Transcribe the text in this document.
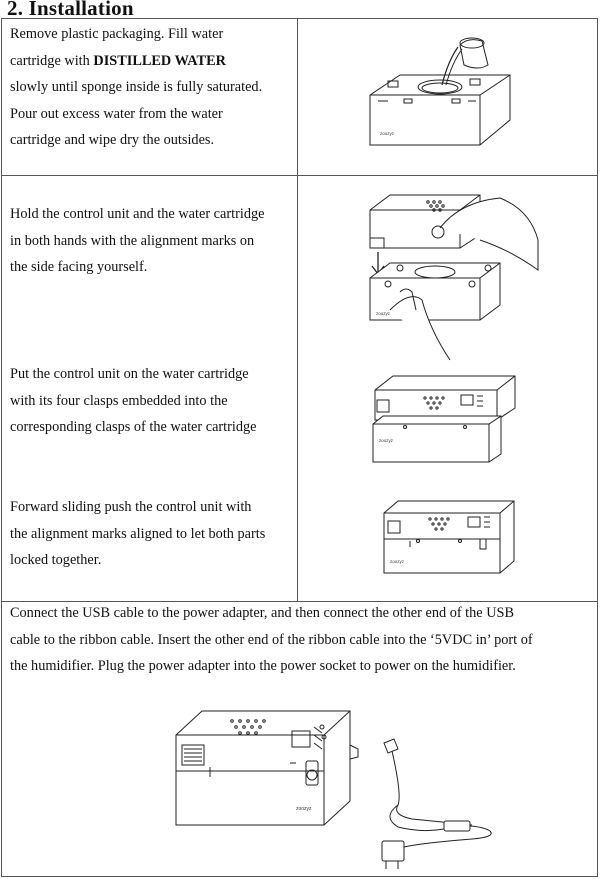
2. Installation
Remove plastic packaging. Fill water
cartridge with DISTILLED WATER
slowly until sponge inside is fully saturated.
Pour out excess water from the water
cartridge and wipe dry the outsides.
Hold the control unit and the water cartridge
in both hands with the alignment marks on
the side facing yourself.
Put the control unit on the water cartridge
with its four clasps embedded into the
corresponding clasps of the water cartridge
Forward sliding push the control unit with
the alignment marks aligned to let both parts
locked together.
Connect the USB cable to the power adapter, and then connect the other end of the USB
cable to the ribbon cable. Insert the other end of the ribbon cable into the ‘5VDC in’ port of
the humidifier. Plug the power adapter into the power socket to power on the humidifier.
zoozyz
zoozyz
zoozyz
zoozyz
zoozyz
